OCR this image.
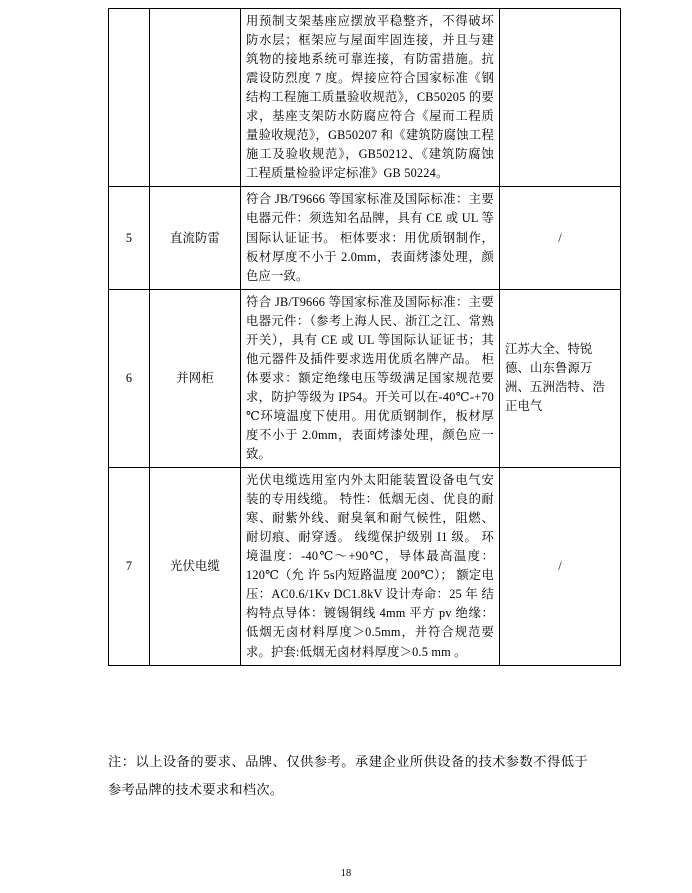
		用预制支架基座应摆放平稳整齐，不得破坏防水层；框架应与屋面牢固连接，并且与建筑物的接地系统可靠连接，有防雷措施。抗震设防烈度 7 度。焊接应符合国家标准《钢结构工程施工质量验收规范》，CB50205 的要求，基座支架防水防腐应符合《屋而工程质量验收规范》，GB50207 和《建筑防腐蚀工程施工及验收规范》，GB50212、《建筑防腐蚀工程质量检验评定标准》GB 50224。	
5	直流防雷	符合 JB/T9666 等国家标准及国际标准：主要电器元件：须选知名品牌，具有 CE 或 UL 等国际认证证书。 柜体要求：用优质钢制作，板材厚度不小于 2.0mm，表面烤漆处理，颜色应一致。	/
6	并网柜	符合 JB/T9666 等国家标准及国际标准：主要电器元件：（参考上海人民、浙江之江、常熟开关），具有 CE 或 UL 等国际认证证书；其他元器件及插件要求选用优质名牌产品。 柜体要求：额定绝缘电压等级满足国家规范要求，防护等级为 IP54。开关可以在-40℃-+70 ℃环境温度下使用。用优质钢制作，板材厚度不小于 2.0mm，表面烤漆处理，颜色应一致。	江苏大全、特锐德、山东鲁源万洲、五洲浩特、浩正电气
7	光伏电缆	光伏电缆选用室内外太阳能装置设备电气安装的专用线缆。 特性：低烟无卤、优良的耐寒、耐紫外线、耐臭氧和耐气候性，阻燃、耐切痕、耐穿透。 线缆保护级别 I1 级。 环境温度：-40℃～+90℃，导体最高温度：120℃（允 许 5s内短路温度 200℃）； 额定电压：AC0.6/1Kv DC1.8kV 设计寿命：25 年 结构特点导体：镀锡铜线 4mm 平方 pv 绝缘：低烟无卤材料厚度＞0.5mm，并符合规范要求。护套:低烟无卤材料厚度＞0.5 mm 。	/
注：以上设备的要求、品牌、仅供参考。承建企业所供设备的技术参数不得低于参考品牌的技术要求和档次。
18
